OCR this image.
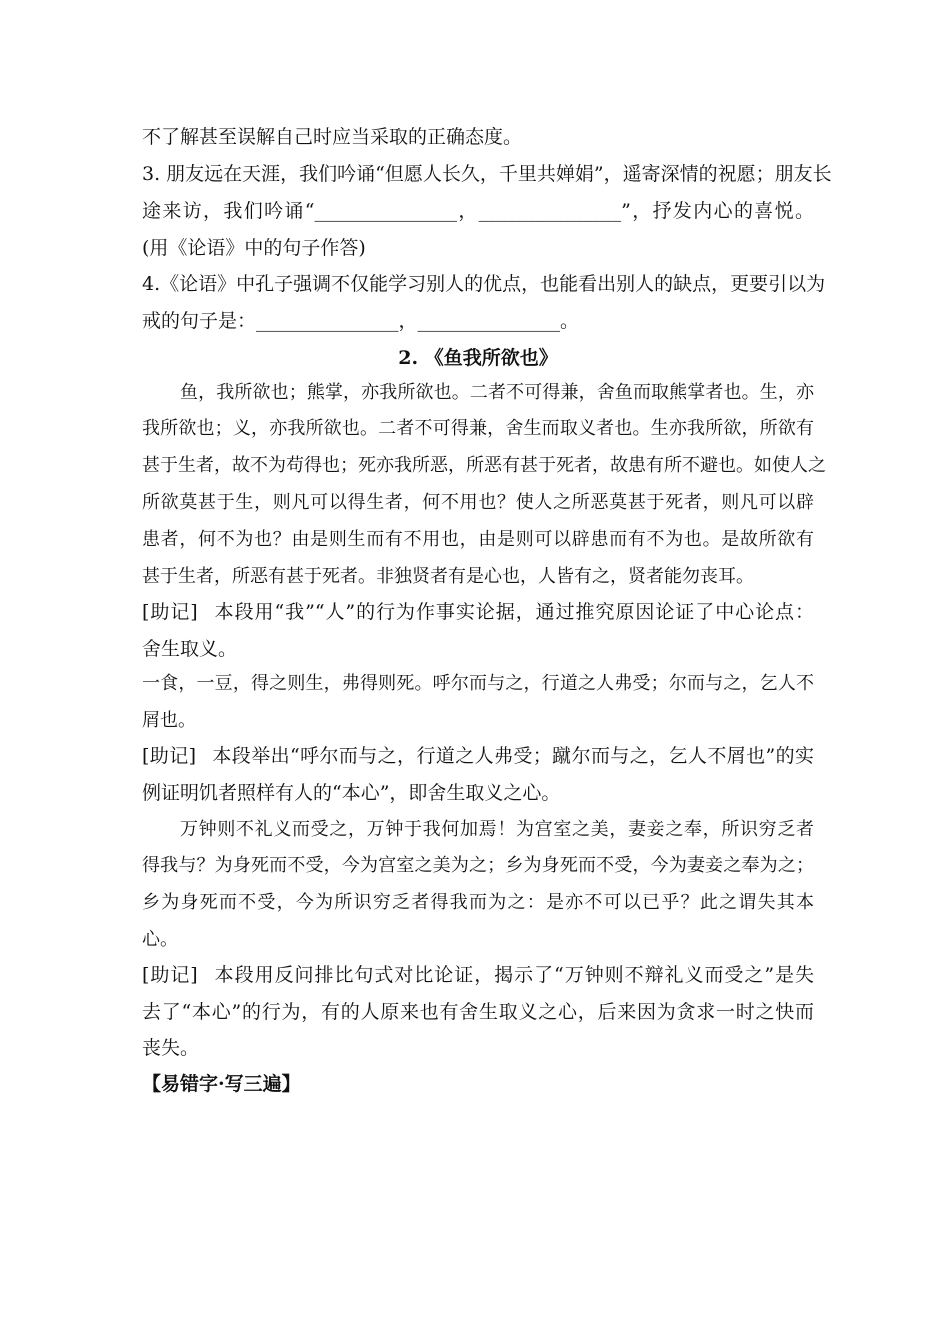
不了解甚至误解自己时应当采取的正确态度。
3. 朋友远在天涯，我们吟诵“但愿人长久，千里共婵娟”，遥寄深情的祝愿；朋友长
途来访，我们吟诵“_______________，_______________”，抒发内心的喜悦。
(用《论语》中的句子作答)
4.《论语》中孔子强调不仅能学习别人的优点，也能看出别人的缺点，更要引以为
戒的句子是：_______________，_______________。
2. 《鱼我所欲也》
鱼，我所欲也；熊掌，亦我所欲也。二者不可得兼，舍鱼而取熊掌者也。生，亦
我所欲也；义，亦我所欲也。二者不可得兼，舍生而取义者也。生亦我所欲，所欲有
甚于生者，故不为苟得也；死亦我所恶，所恶有甚于死者，故患有所不避也。如使人之
所欲莫甚于生，则凡可以得生者，何不用也？使人之所恶莫甚于死者，则凡可以辟
患者，何不为也？由是则生而有不用也，由是则可以辟患而有不为也。是故所欲有
甚于生者，所恶有甚于死者。非独贤者有是心也，人皆有之，贤者能勿丧耳。
[助记] 本段用“我”“人”的行为作事实论据，通过推究原因论证了中心论点：
舍生取义。
一食，一豆，得之则生，弗得则死。呼尔而与之，行道之人弗受；尔而与之，乞人不
屑也。
[助记] 本段举出“呼尔而与之，行道之人弗受；蹴尔而与之，乞人不屑也”的实
例证明饥者照样有人的“本心”，即舍生取义之心。
万钟则不礼义而受之，万钟于我何加焉！为宫室之美，妻妾之奉，所识穷乏者
得我与？为身死而不受，今为宫室之美为之；乡为身死而不受，今为妻妾之奉为之；
乡为身死而不受，今为所识穷乏者得我而为之：是亦不可以已乎？此之谓失其本
心。
[助记] 本段用反问排比句式对比论证，揭示了“万钟则不辩礼义而受之”是失
去了“本心”的行为，有的人原来也有舍生取义之心，后来因为贪求一时之快而
丧失。
【易错字·写三遍】
